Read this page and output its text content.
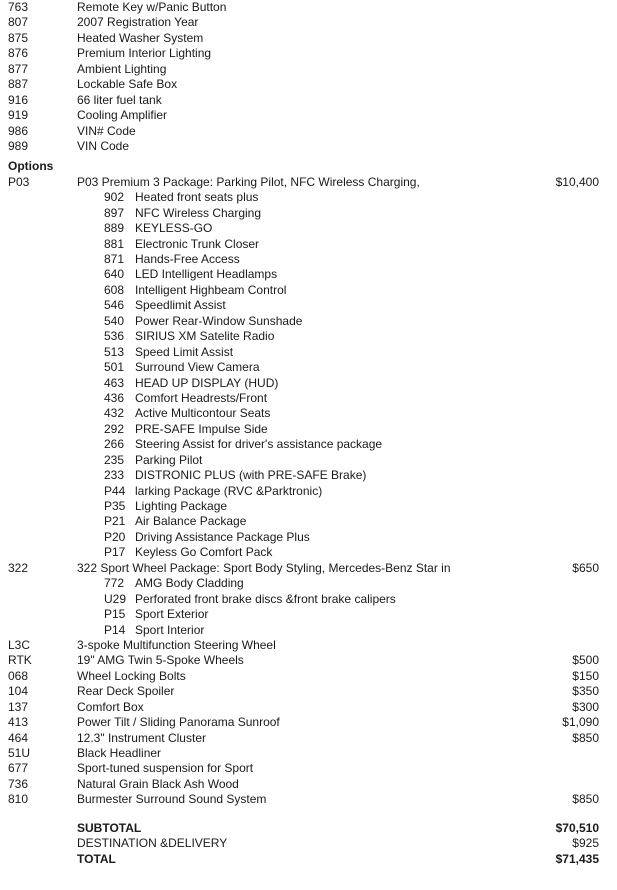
763	Remote Key w/Panic Button
807	2007 Registration Year
875	Heated Washer System
876	Premium Interior Lighting
877	Ambient Lighting
887	Lockable Safe Box
916	66 liter fuel tank
919	Cooling Amplifier
986	VIN# Code
989	VIN Code
Options
P03	P03 Premium 3 Package: Parking Pilot, NFC Wireless Charging,	$10,400
902 Heated front seats plus
897 NFC Wireless Charging
889 KEYLESS-GO
881 Electronic Trunk Closer
871 Hands-Free Access
640 LED Intelligent Headlamps
608 Intelligent Highbeam Control
546 Speedlimit Assist
540 Power Rear-Window Sunshade
536 SIRIUS XM Satelite Radio
513 Speed Limit Assist
501 Surround View Camera
463 HEAD UP DISPLAY (HUD)
436 Comfort Headrests/Front
432 Active Multicontour Seats
292 PRE-SAFE Impulse Side
266 Steering Assist for driver's assistance package
235 Parking Pilot
233 DISTRONIC PLUS (with PRE-SAFE Brake)
P44 larking Package (RVC &Parktronic)
P35 Lighting Package
P21 Air Balance Package
P20 Driving Assistance Package Plus
P17 Keyless Go Comfort Pack
322	322 Sport Wheel Package: Sport Body Styling, Mercedes-Benz Star in	$650
772 AMG Body Cladding
U29 Perforated front brake discs &front brake calipers
P15 Sport Exterior
P14 Sport Interior
L3C	3-spoke Multifunction Steering Wheel
RTK	19" AMG Twin 5-Spoke Wheels	$500
068	Wheel Locking Bolts	$150
104	Rear Deck Spoiler	$350
137	Comfort Box	$300
413	Power Tilt / Sliding Panorama Sunroof	$1,090
464	12.3" Instrument Cluster	$850
51U	Black Headliner
677	Sport-tuned suspension for Sport
736	Natural Grain Black Ash Wood
810	Burmester Surround Sound System	$850
SUBTOTAL	$70,510
DESTINATION &DELIVERY	$925
TOTAL	$71,435
